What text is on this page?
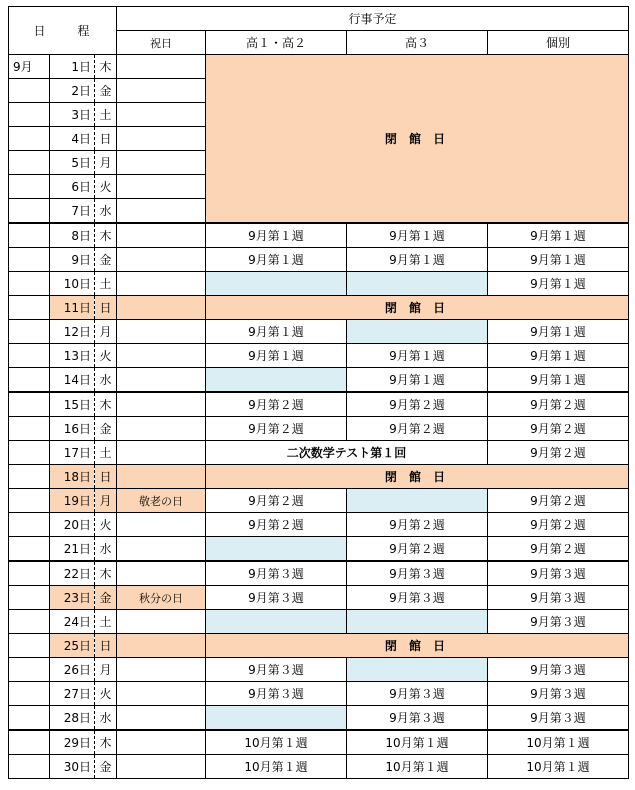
日　程			行事予定			
			祝日	高１・高２	高３	個別
9月	1日	木		閉 館 日		
	2日	金				
	3日	土				
	4日	日				
	5日	月				
	6日	火				
	7日	水				
	8日	木		9月第１週	9月第１週	9月第１週
	9日	金		9月第１週	9月第１週	9月第１週
	10日	土				9月第１週
	11日	日		閉 館 日		
	12日	月		9月第１週		9月第１週
	13日	火		9月第１週	9月第１週	9月第１週
	14日	水			9月第１週	9月第１週
	15日	木		9月第２週	9月第２週	9月第２週
	16日	金		9月第２週	9月第２週	9月第２週
	17日	土		二次数学テスト第１回		9月第２週
	18日	日		閉 館 日		
	19日	月	敬老の日	9月第２週		9月第２週
	20日	火		9月第２週	9月第２週	9月第２週
	21日	水			9月第２週	9月第２週
	22日	木		9月第３週	9月第３週	9月第３週
	23日	金	秋分の日	9月第３週	9月第３週	9月第３週
	24日	土				9月第３週
	25日	日		閉 館 日		
	26日	月		9月第３週		9月第３週
	27日	火		9月第３週	9月第３週	9月第３週
	28日	水			9月第３週	9月第３週
	29日	木		10月第１週	10月第１週	10月第１週
	30日	金		10月第１週	10月第１週	10月第１週
